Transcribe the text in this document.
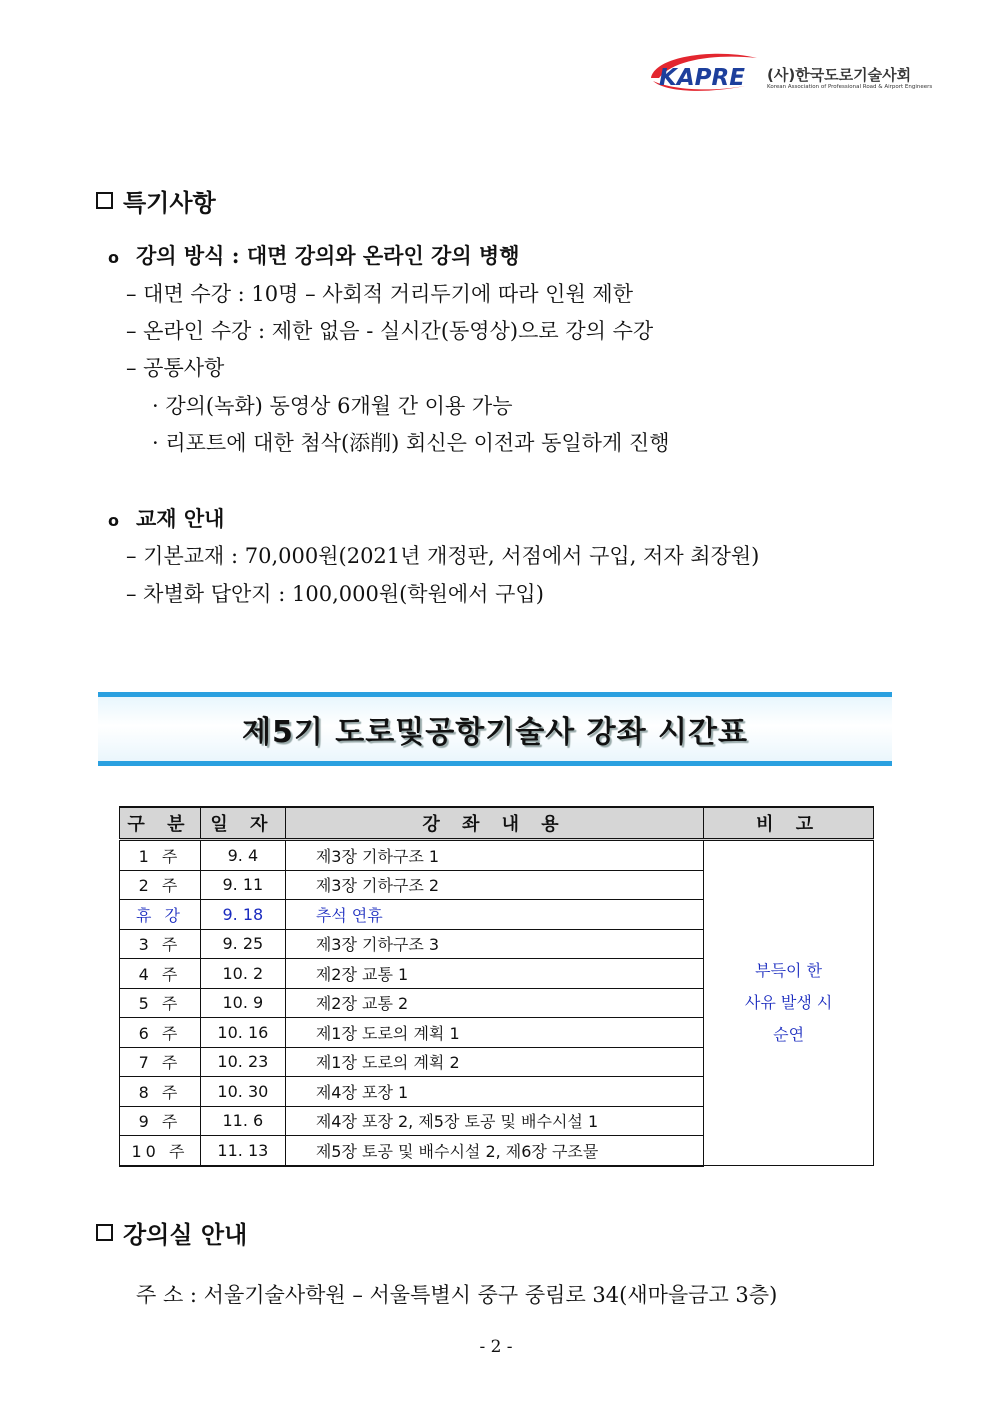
KAPRE (사)한국도로기술사회
Korean Association of Professional Road & Airport Engineers
특기사항
o 강의 방식 : 대면 강의와 온라인 강의 병행
– 대면 수강 : 10명 – 사회적 거리두기에 따라 인원 제한
– 온라인 수강 : 제한 없음 - 실시간(동영상)으로 강의 수강
– 공통사항
· 강의(녹화) 동영상 6개월 간 이용 가능
· 리포트에 대한 첨삭(添削) 회신은 이전과 동일하게 진행
o 교재 안내
– 기본교재 : 70,000원(2021년 개정판, 서점에서 구입, 저자 최장원)
– 차별화 답안지 : 100,000원(학원에서 구입)
제5기 도로및공항기술사 강좌 시간표
구 분	일 자	강 좌 내 용	비 고
1 주	9. 4	제3장 기하구조 1	부득이 한
사유 발생 시
순연

2 주	9. 11	제3장 기하구조 2	
휴 강	9. 18	추석 연휴	
3 주	9. 25	제3장 기하구조 3	
4 주	10. 2	제2장 교통 1	
5 주	10. 9	제2장 교통 2	
6 주	10. 16	제1장 도로의 계획 1	
7 주	10. 23	제1장 도로의 계획 2	
8 주	10. 30	제4장 포장 1	
9 주	11. 6	제4장 포장 2, 제5장 토공 및 배수시설 1	
10 주	11. 13	제5장 토공 및 배수시설 2, 제6장 구조물	
강의실 안내
주 소 : 서울기술사학원 – 서울특별시 중구 중림로 34(새마을금고 3층)
- 2 -
